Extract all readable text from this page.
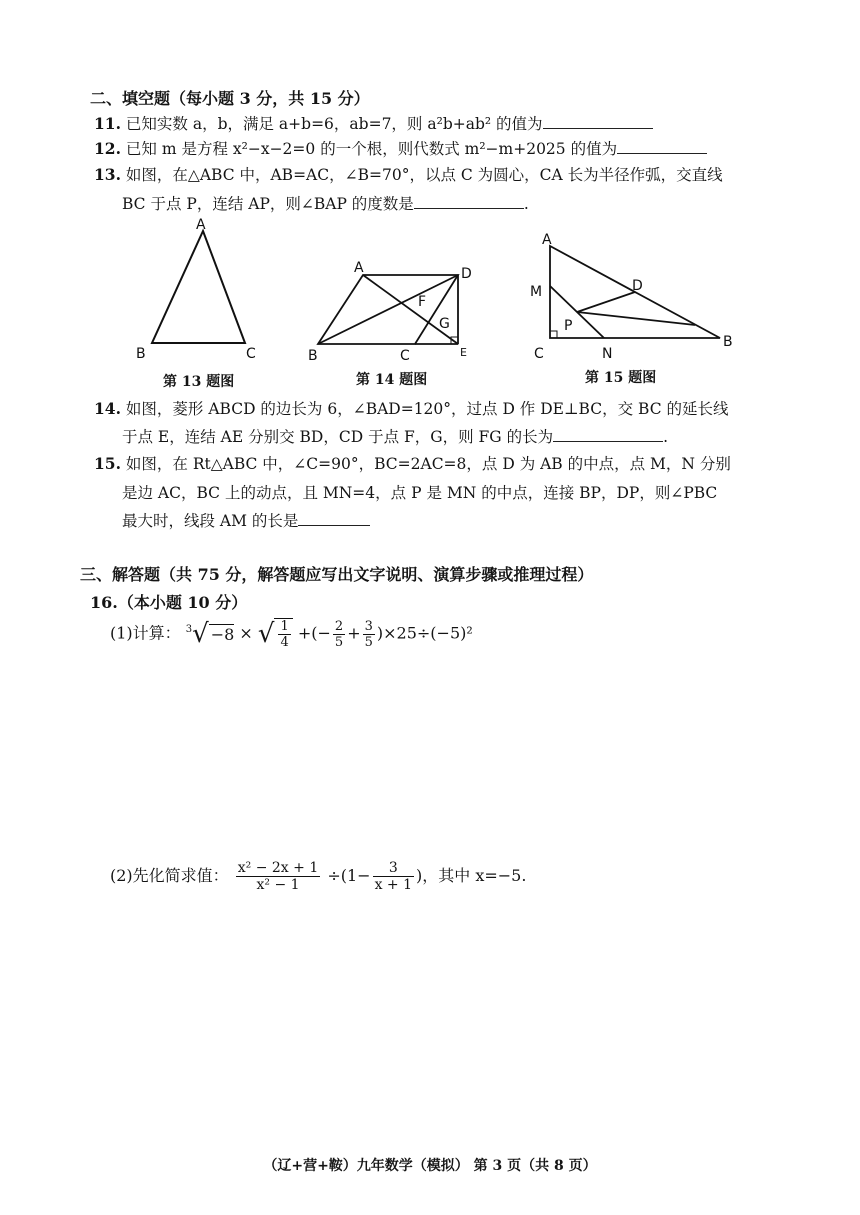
二、填空题（每小题 3 分，共 15 分）
11. 已知实数 a，b，满足 a+b=6，ab=7，则 a²b+ab² 的值为
12. 已知 m 是方程 x²−x−2=0 的一个根，则代数式 m²−m+2025 的值为
13. 如图，在△ABC 中，AB=AC，∠B=70°，以点 C 为圆心，CA 长为半径作弧，交直线
BC 于点 P，连结 AP，则∠BAP 的度数是	.
A
B	C
第 13 题图
A	D
F
G
B	C	E
第 14 题图
A
M	D
P
C	N
B
第 15 题图
14. 如图，菱形 ABCD 的边长为 6，∠BAD=120°，过点 D 作 DE⊥BC，交 BC 的延长线
于点 E，连结 AE 分别交 BD，CD 于点 F，G，则 FG 的长为	.
15. 如图，在 Rt△ABC 中，∠C=90°，BC=2AC=8，点 D 为 AB 的中点，点 M，N 分别
是边 AC，BC 上的动点，且 MN=4，点 P 是 MN 的中点，连接 BP，DP，则∠PBC
最大时，线段 AM 的长是
三、解答题（共 75 分，解答题应写出文字说明、演算步骤或推理过程）
16.（本小题 10 分）
(1)计算： $^3$√ −8 × √ $\frac{1}{4}$ +(− $\frac{2}{5} + \frac{3}{5} )\times 25\div(-5)^2$
(2)先化简求值： $\frac{\text{x² − 2x + 1}}{\text{x² − 1}} \div(1- \frac{3}{x + 1}$ )，其中 x=−5.
（辽+营+鞍）九年数学（模拟） 第 3 页（共 8 页）
